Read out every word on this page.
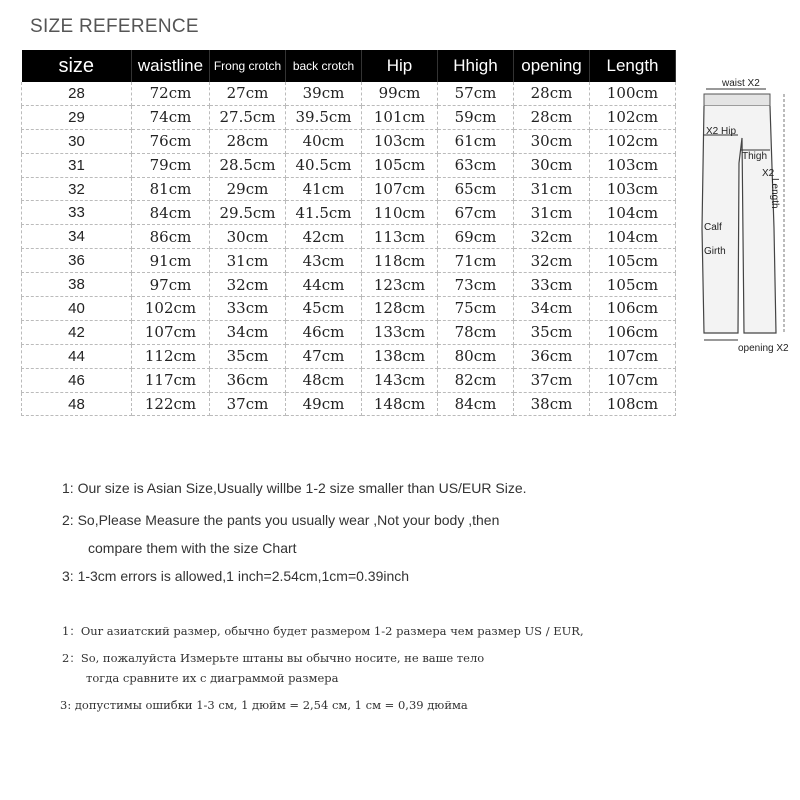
SIZE REFERENCE
size	waistline	Frong crotch	back crotch	Hip	Hhigh	opening	Length
28	72cm	27cm	39cm	99cm	57cm	28cm	100cm
29	74cm	27.5cm	39.5cm	101cm	59cm	28cm	102cm
30	76cm	28cm	40cm	103cm	61cm	30cm	102cm
31	79cm	28.5cm	40.5cm	105cm	63cm	30cm	103cm
32	81cm	29cm	41cm	107cm	65cm	31cm	103cm
33	84cm	29.5cm	41.5cm	110cm	67cm	31cm	104cm
34	86cm	30cm	42cm	113cm	69cm	32cm	104cm
36	91cm	31cm	43cm	118cm	71cm	32cm	105cm
38	97cm	32cm	44cm	123cm	73cm	33cm	105cm
40	102cm	33cm	45cm	128cm	75cm	34cm	106cm
42	107cm	34cm	46cm	133cm	78cm	35cm	106cm
44	112cm	35cm	47cm	138cm	80cm	36cm	107cm
46	117cm	36cm	48cm	143cm	82cm	37cm	107cm
48	122cm	37cm	49cm	148cm	84cm	38cm	108cm
waist X2
X2 Hip
Thigh
X2
Length
Calf
Girth
opening X2
1: Our size is Asian Size,Usually willbe 1-2 size smaller than US/EUR Size.
2: So,Please Measure the pants you usually wear ,Not your body ,then
compare them with the size Chart
3: 1-3cm errors is allowed,1 inch=2.54cm,1cm=0.39inch
1：Our азиатский размер, обычно будет размером 1-2 размера чем размер US / EUR,
2：So, пожалуйста Измерьте штаны вы обычно носите, не ваше тело
тогда сравните их с диаграммой размера
3: допустимы ошибки 1-3 см, 1 дюйм = 2,54 см, 1 см = 0,39 дюйма
